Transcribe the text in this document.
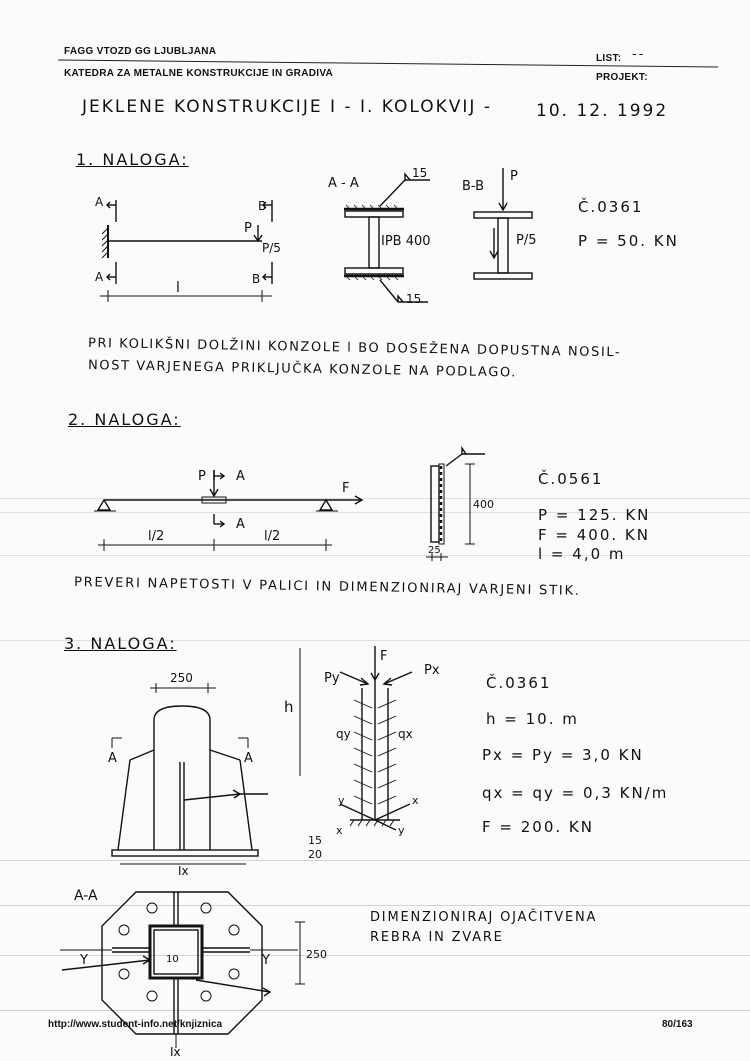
FAGG VTOZD GG LJUBLJANA
KATEDRA ZA METALNE KONSTRUKCIJE IN GRADIVA
LIST: --
PROJEKT:
JEKLENE KONSTRUKCIJE I - I. KOLOKVIJ -	10. 12. 1992
1. NALOGA:
A	B
A	B
P
P/5
l
A - A
15
15
IPB 400
B-B
P
P/5
Č.0361
P = 50. KN
PRI KOLIKŠNI DOLŽINI KONZOLE l BO DOSEŽENA DOPUSTNA NOSIL-
NOST VARJENEGA PRIKLJUČKA KONZOLE NA PODLAGO.
2. NALOGA:
P A
A
F
l/2	l/2
400
25
Č.0561
P = 125. KN
F = 400. KN
l = 4,0 m
PREVERI NAPETOSTI V PALICI IN DIMENZIONIRAJ VARJENI STIK.
3. NALOGA:
250
A	A
15
20
Ix
h
F
Py
Px
qy	qx
x
y	x
y
A-A
Y	Y
10	250
Ix
Č.0361
h = 10. m
Px = Py = 3,0 KN
qx = qy = 0,3 KN/m
F = 200. KN
DIMENZIONIRAJ OJAČITVENA
REBRA IN ZVARE
http://www.student-info.net/knjiznica	80/163
